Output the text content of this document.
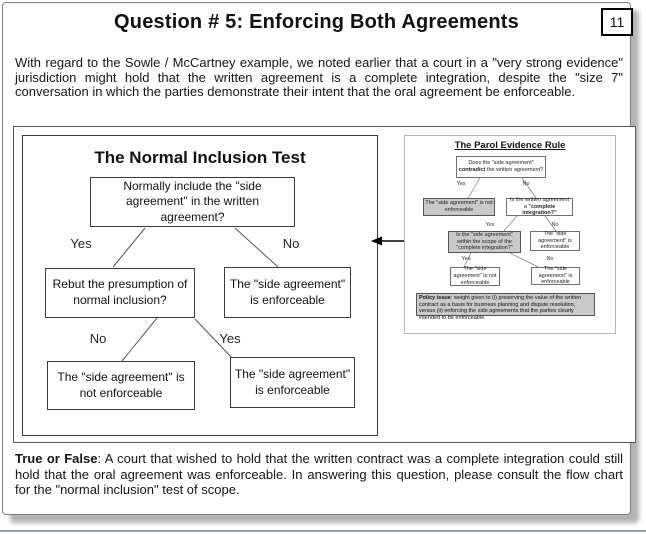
Question # 5: Enforcing Both Agreements	11
With regard to the Sowle / McCartney example, we noted earlier that a court in a "very strong evidence" jurisdiction might hold that the written agreement is a complete integration, despite the "size 7" conversation in which the parties demonstrate their intent that the oral agreement be enforceable.
The Normal Inclusion Test
Normally include the "side agreement" in the written agreement?
Yes	No
Rebut the presumption of normal inclusion?
The "side agreement" is enforceable
No	Yes
The "side agreement" is not enforceable
The "side agreement" is enforceable
The Parol Evidence Rule
Does the "side agreement" contradict the written agreement?
Yes	No
The "side agreement" is not enforceable
Is the written agreement a "complete integration?"
Yes	No
Is the "side agreement" within the scope of the "complete integration?"
The "side agreement" is enforceable
Yes	No
The "side agreement" is not enforceable
The "side agreement" is enforceable
Policy issue: weight given to (i) preserving the value of the written contract as a basis for business planning and dispute resolution, versus (ii) enforcing the side agreements that the parties clearly intended to be enforceable.
True or False: A court that wished to hold that the written contract was a complete integration could still hold that the oral agreement was enforceable. In answering this question, please consult the flow chart for the "normal inclusion" test of scope.
